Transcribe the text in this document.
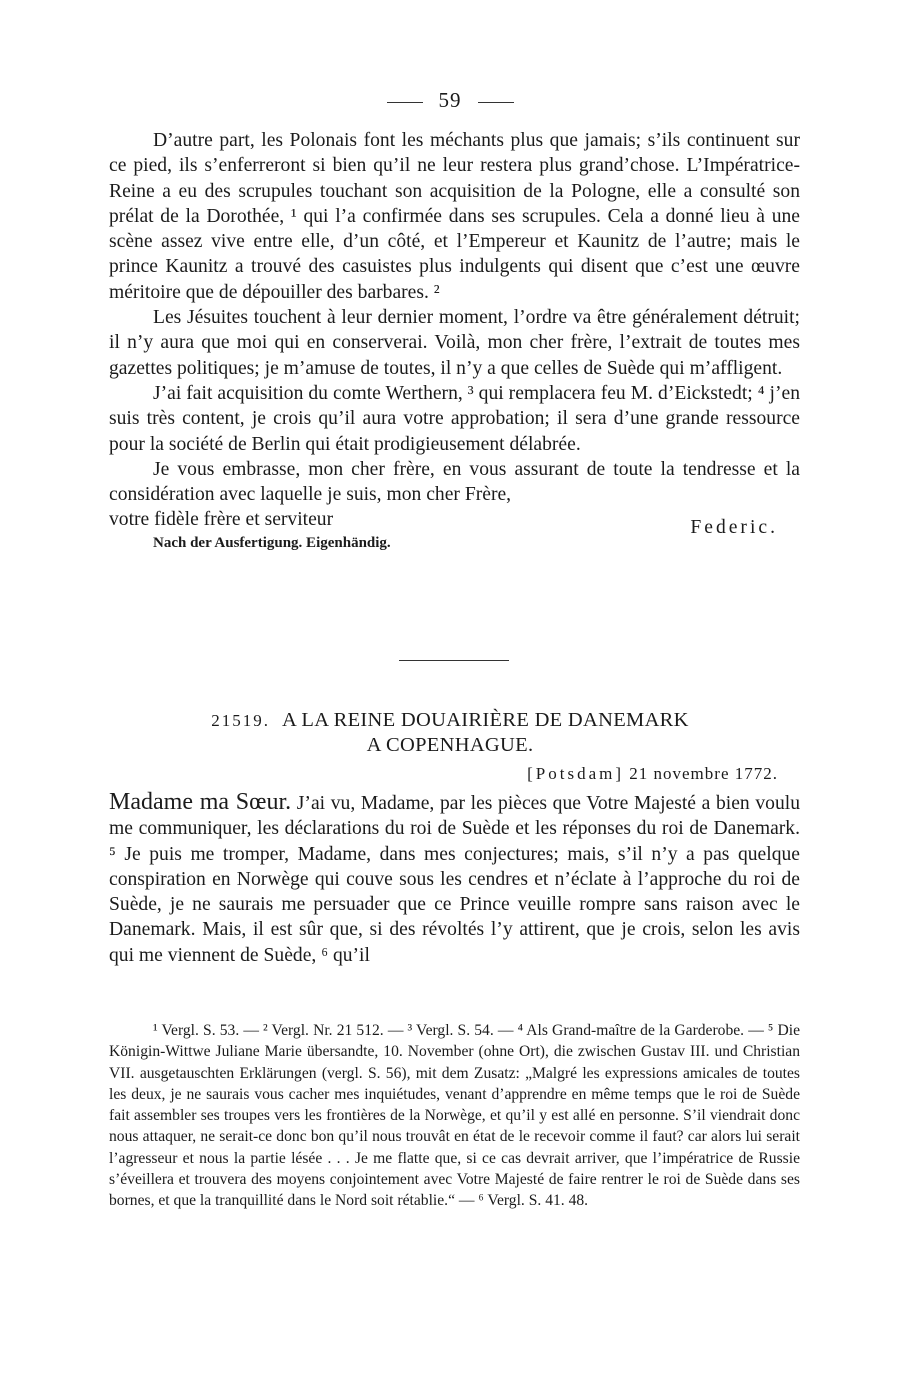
59

D’autre part, les Polonais font les méchants plus que jamais; s’ils continuent sur ce pied, ils s’enferreront si bien qu’il ne leur restera plus grand’chose. L’Impératrice-Reine a eu des scrupules touchant son acquisition de la Pologne, elle a consulté son prélat de la Dorothée, ¹ qui l’a confirmée dans ses scrupules. Cela a donné lieu à une scène assez vive entre elle, d’un côté, et l’Empereur et Kaunitz de l’autre; mais le prince Kaunitz a trouvé des casuistes plus indulgents qui disent que c’est une œuvre méritoire que de dépouiller des barbares. ²

Les Jésuites touchent à leur dernier moment, l’ordre va être généralement détruit; il n’y aura que moi qui en conserverai. Voilà, mon cher frère, l’extrait de toutes mes gazettes politiques; je m’amuse de toutes, il n’y a que celles de Suède qui m’affligent.

J’ai fait acquisition du comte Werthern, ³ qui remplacera feu M. d’Eickstedt; ⁴ j’en suis très content, je crois qu’il aura votre approbation; il sera d’une grande ressource pour la société de Berlin qui était prodigieusement délabrée.

Je vous embrasse, mon cher frère, en vous assurant de toute la tendresse et la considération avec laquelle je suis, mon cher Frère,

votre fidèle frère et serviteur	Federic.
Nach der Ausfertigung. Eigenhändig.
21519. A LA REINE DOUAIRIÈRE DE DANEMARK
A COPENHAGUE.
[Potsdam] 21 novembre 1772.

Madame ma Sœur. J’ai vu, Madame, par les pièces que Votre Majesté a bien voulu me communiquer, les déclarations du roi de Suède et les réponses du roi de Danemark. ⁵ Je puis me tromper, Madame, dans mes conjectures; mais, s’il n’y a pas quelque conspiration en Norwège qui couve sous les cendres et n’éclate à l’approche du roi de Suède, je ne saurais me persuader que ce Prince veuille rompre sans raison avec le Danemark. Mais, il est sûr que, si des révoltés l’y attirent, que je crois, selon les avis qui me viennent de Suède, ⁶ qu’il

¹ Vergl. S. 53. — ² Vergl. Nr. 21 512. — ³ Vergl. S. 54. — ⁴ Als Grand-maître de la Garderobe. — ⁵ Die Königin-Wittwe Juliane Marie übersandte, 10. November (ohne Ort), die zwischen Gustav III. und Christian VII. ausgetauschten Erklärungen (vergl. S. 56), mit dem Zusatz: „Malgré les expressions amicales de toutes les deux, je ne saurais vous cacher mes inquiétudes, venant d’apprendre en même temps que le roi de Suède fait assembler ses troupes vers les frontières de la Norwège, et qu’il y est allé en personne. S’il viendrait donc nous attaquer, ne serait-ce donc bon qu’il nous trouvât en état de le recevoir comme il faut? car alors lui serait l’agresseur et nous la partie lésée . . . Je me flatte que, si ce cas devrait arriver, que l’impératrice de Russie s’éveillera et trouvera des moyens conjointement avec Votre Majesté de faire rentrer le roi de Suède dans ses bornes, et que la tranquillité dans le Nord soit rétablie.“ — ⁶ Vergl. S. 41. 48.
